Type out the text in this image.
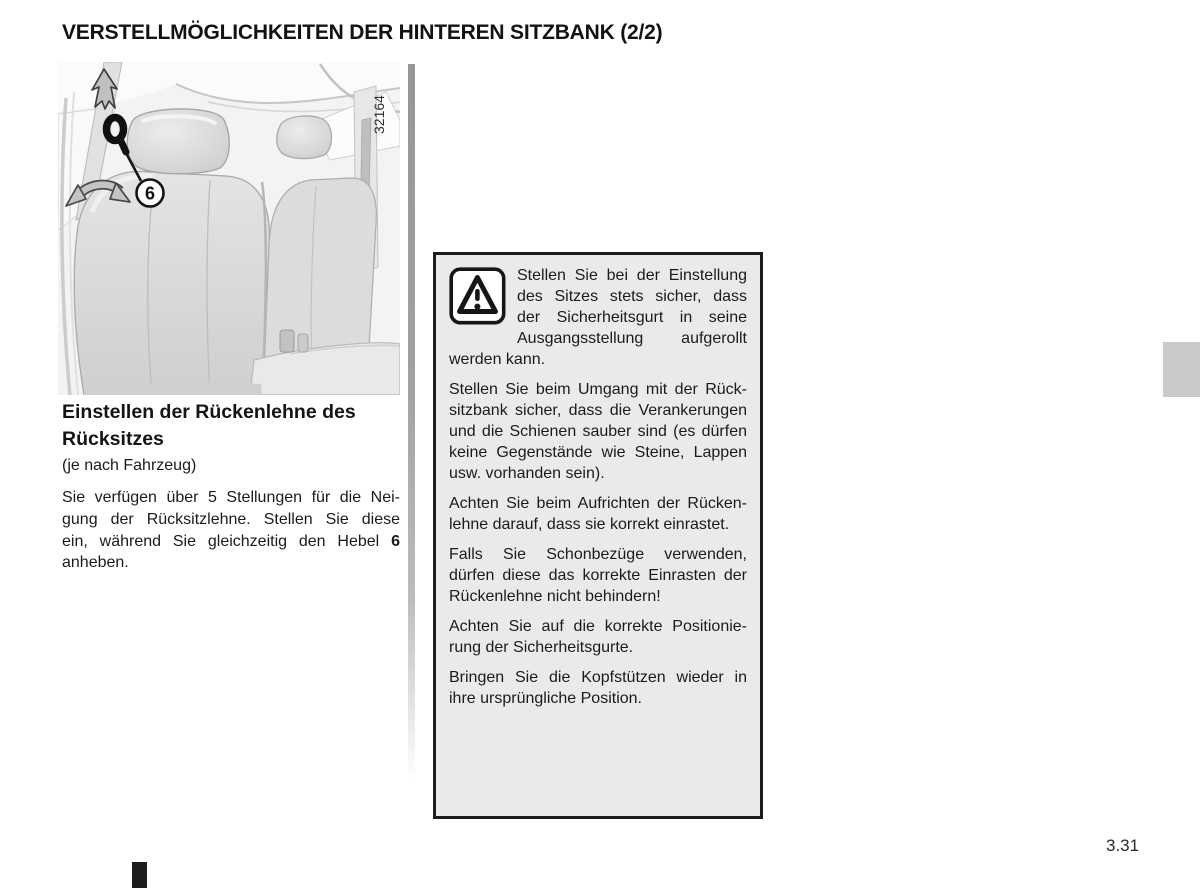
VERSTELLMÖGLICHKEITEN DER HINTEREN SITZBANK (2/2)
6
32164
Einstellen der Rückenlehne des
Rücksitzes
(je nach Fahrzeug)
Sie verfügen über 5 Stellungen für die Nei-
gung der Rücksitzlehne. Stellen Sie diese
ein, während Sie gleichzeitig den Hebel 6
anheben.
Stellen Sie bei der Einstellung
des Sitzes stets sicher, dass
der Sicherheitsgurt in seine
Ausgangsstellung aufgerollt
werden kann.
Stellen Sie beim Umgang mit der Rück-
sitzbank sicher, dass die Verankerungen
und die Schienen sauber sind (es dürfen
keine Gegenstände wie Steine, Lappen
usw. vorhanden sein).
Achten Sie beim Aufrichten der Rücken-
lehne darauf, dass sie korrekt einrastet.
Falls Sie Schonbezüge verwenden,
dürfen diese das korrekte Einrasten der
Rückenlehne nicht behindern!
Achten Sie auf die korrekte Positionie-
rung der Sicherheitsgurte.
Bringen Sie die Kopfstützen wieder in
ihre ursprüngliche Position.
3.31
